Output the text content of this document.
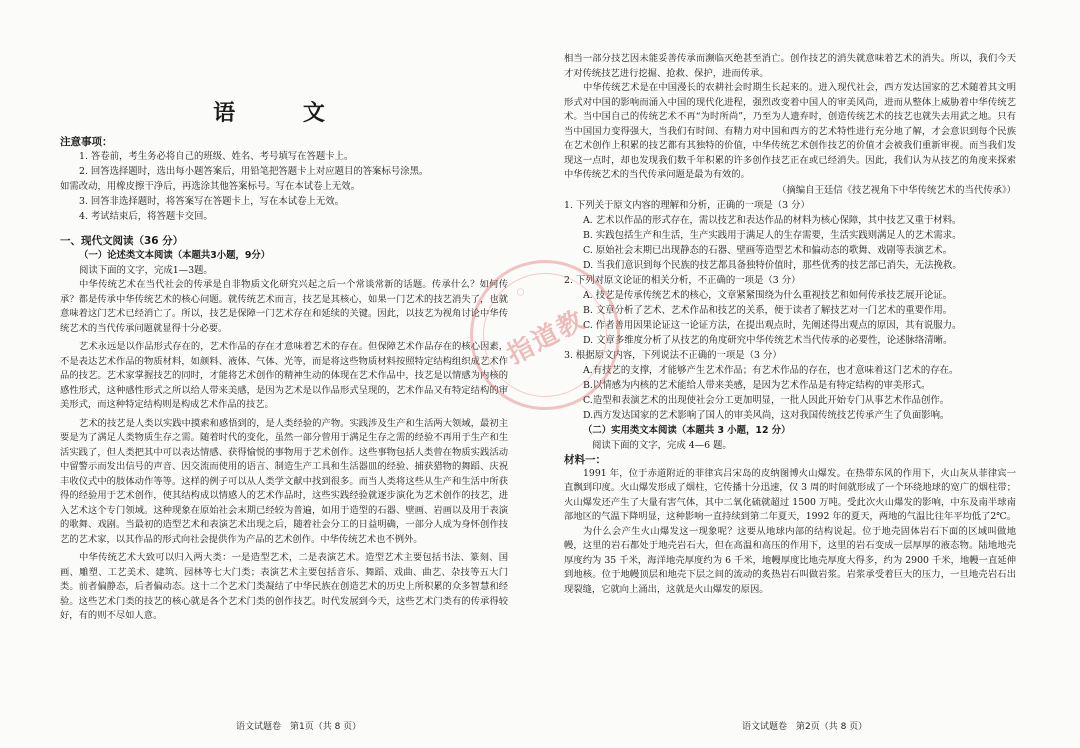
语 文
注意事项：
1. 答卷前，考生务必将自己的班级、姓名、考号填写在答题卡上。
2. 回答选择题时，选出每小题答案后，用铅笔把答题卡上对应题目的答案标号涂黑。
如需改动，用橡皮擦干净后，再选涂其他答案标号。写在本试卷上无效。
3. 回答非选择题时，将答案写在答题卡上，写在本试卷上无效。
4. 考试结束后，将答题卡交回。
一、现代文阅读（36 分）
（一）论述类文本阅读（本题共3小题，9分）
阅读下面的文字，完成1—3题。

中华传统艺术在当代社会的传承是自非物质文化研究兴起之后一个常谈常新的话题。传承什么？如何传承？都是传承中华传统艺术的核心问题。就传统艺术而言，技艺是其核心，如果一门艺术的技艺消失了，也就意味着这门艺术已经消亡了。所以，技艺是保障一门艺术存在和延续的关键。因此，以技艺为视角讨论中华传统艺术的当代传承问题就显得十分必要。

艺术永远是以作品形式存在的，艺术作品的存在才意味着艺术的存在。但保障艺术作品存在的核心因素，不是表达艺术作品的物质材料，如颜料、液体、气体、光等，而是将这些物质材料按照特定结构组织成艺术作品的技艺。艺术家掌握技艺的同时，才能将艺术创作的精神生动的体现在艺术作品中，技艺是以情感为内核的感性形式，这种感性形式之所以给人带来美感，是因为艺术是以作品形式呈现的，艺术作品又有特定结构的审美形式，而这种特定结构则是构成艺术作品的技艺。

艺术的技艺是人类以实践中摸索和感悟到的，是人类经验的产物。实践涉及生产和生活两大领域，最初主要是为了满足人类物质生存之需。随着时代的变化，虽然一部分曾用于满足生存之需的经验不再用于生产和生活实践了，但人类把其中可以表达情感、获得愉悦的事物用于艺术创作。这些事物包括人类曾在物质实践活动中留警示而发出信号的声音、因交流而使用的语言、制造生产工具和生活器皿的经验、捕获猎物的舞蹈、庆祝丰收仪式中的肢体动作等等。这样的例子可以从人类学文献中找到很多。而当人类将这些从生产和生活中所获得的经验用于艺术创作，使其结构成以情感人的艺术作品时，这些实践经验就逐步演化为艺术创作的技艺，进入艺术这个专门领域。这种现象在原始社会末期已经较为普遍，如用于造型的石器、壁画、岩画以及用于表演的歌舞、戏剧。当最初的造型艺术和表演艺术出现之后，随着社会分工的日益明确，一部分人成为身怀创作技艺的艺术家，以其作品的形式向社会提供作为产品的艺术创作。中华传统艺术也不例外。

中华传统艺术大致可以归入两大类：一是造型艺术，二是表演艺术。造型艺术主要包括书法、篆刻、国画、雕塑、工艺美术、建筑、园林等七大门类；表演艺术主要包括音乐、舞蹈、戏曲、曲艺、杂技等五大门类。前者偏静态，后者偏动态。这十二个艺术门类凝结了中华民族在创造艺术的历史上所积累的众多智慧和经验。这些艺术门类的技艺的核心就是各个艺术门类的创作技艺。时代发展到今天，这些艺术门类有的传承得较好，有的则不尽如人意。

相当一部分技艺因未能妥善传承而濒临灭绝甚至消亡。创作技艺的消失就意味着艺术的消失。所以，我们今天才对传统技艺进行挖掘、抢救、保护，进而传承。

中华传统艺术是在中国漫长的农耕社会时期生长起来的。进入现代社会，西方发达国家的艺术随着其文明形式对中国的影响而涌入中国的现代化进程，强烈改变着中国人的审美风尚，进而从整体上威胁着中华传统艺术。当中国自己的传统艺术不再“为时所尚”，乃至为人遗弃时，创造传统艺术的技艺也就失去用武之地。只有当中国国力变得强大，当我们有时间、有精力对中国和西方的艺术特性进行充分地了解，才会意识到每个民族在艺术创作上积累的技艺都有其独特的价值，中华传统艺术创作技艺的价值才会被我们重新审视。而当我们发现这一点时，却也发现我们数千年积累的许多创作技艺正在或已经消失。因此，我们认为从技艺的角度来探索中华传统艺术的当代传承问题是最为有效的。

（摘编自王廷信《技艺视角下中华传统艺术的当代传承》）
1. 下列关于原文内容的理解和分析，正确的一项是（3 分）
A. 艺术以作品的形式存在，需以技艺和表达作品的材料为核心保障，其中技艺又重于材料。
B. 实践包括生产和生活，生产实践用于满足人的生存需要，生活实践则满足人的艺术需求。
C. 原始社会末期已出现静态的石器、壁画等造型艺术和偏动态的歌舞、戏剧等表演艺术。
D. 当我们意识到每个民族的技艺都具备独特价值时，那些优秀的技艺部已消失，无法挽救。
2. 下列对原文论证的相关分析，不正确的一项是（3 分）
A. 技艺是传承传统艺术的核心，文章紧紧围绕为什么重视技艺和如何传承技艺展开论证。
B. 文章分析了艺术、艺术作品和技艺的关系，便于读者了解技艺对一门艺术的重要作用。
C. 作者善用因果论证这一论证方法，在提出观点时，先阐述得出观点的原因，其有说服力。
D. 文章多维度分析了从技艺的角度研究中华传统艺术当代传承的必要性，论述脉络清晰。
3. 根据原文内容，下列说法不正确的一项是（3 分）
A.有技艺的支撑，才能够产生艺术作品；有艺术作品的存在，也才意味着这门艺术的存在。
B.以情感为内核的艺术能给人带来美感，是因为艺术作品是有特定结构的审美形式。
C.造型和表演艺术的出现使社会分工更加明显，一批人因此开始专门从事艺术作品创作。
D.西方发达国家的艺术影响了国人的审美风尚，这对我国传统技艺传承产生了负面影响。
（二）实用类文本阅读（本题共 3 小题，12 分）
阅读下面的文字，完成 4—6 题。
材料一：

1991 年，位于赤道附近的菲律宾吕宋岛的皮纳图博火山爆发。在热带东风的作用下，火山灰从菲律宾一直飘到印度。火山爆发形成了烟柱，它传播十分迅速，仅 3 周的时间就形成了一个环绕地球的宽广的烟柱带；火山爆发还产生了大量有害气体，其中二氧化硫就超过 1500 万吨。受此次火山爆发的影响，中东及南半球南部地区的气温下降明显，这种影响一直持续到第二年夏天，1992 年的夏天，两地的气温比往年平均低了2℃。

为什么会产生火山爆发这一现象呢？这要从地球内部的结构说起。位于地壳固体岩石下面的区域叫做地幔，这里的岩石都处于地壳岩石大，但在高温和高压的作用下，这里的岩石变成一层厚厚的液态物。陆地地壳厚度约为 35 千米，海洋地壳厚度约为 6 千米，地幔厚度比地壳厚度大得多，约为 2900 千米，地幔一直延伸到地核。位于地幔顶层和地壳下层之间的流动的炙热岩石叫做岩浆。岩浆承受着巨大的压力，一旦地壳岩石出现裂缝，它就向上涌出，这就是火山爆发的原因。

语文试题卷　第1页（共 8 页）	语文试题卷　第2页（共 8 页）
○
指道教
